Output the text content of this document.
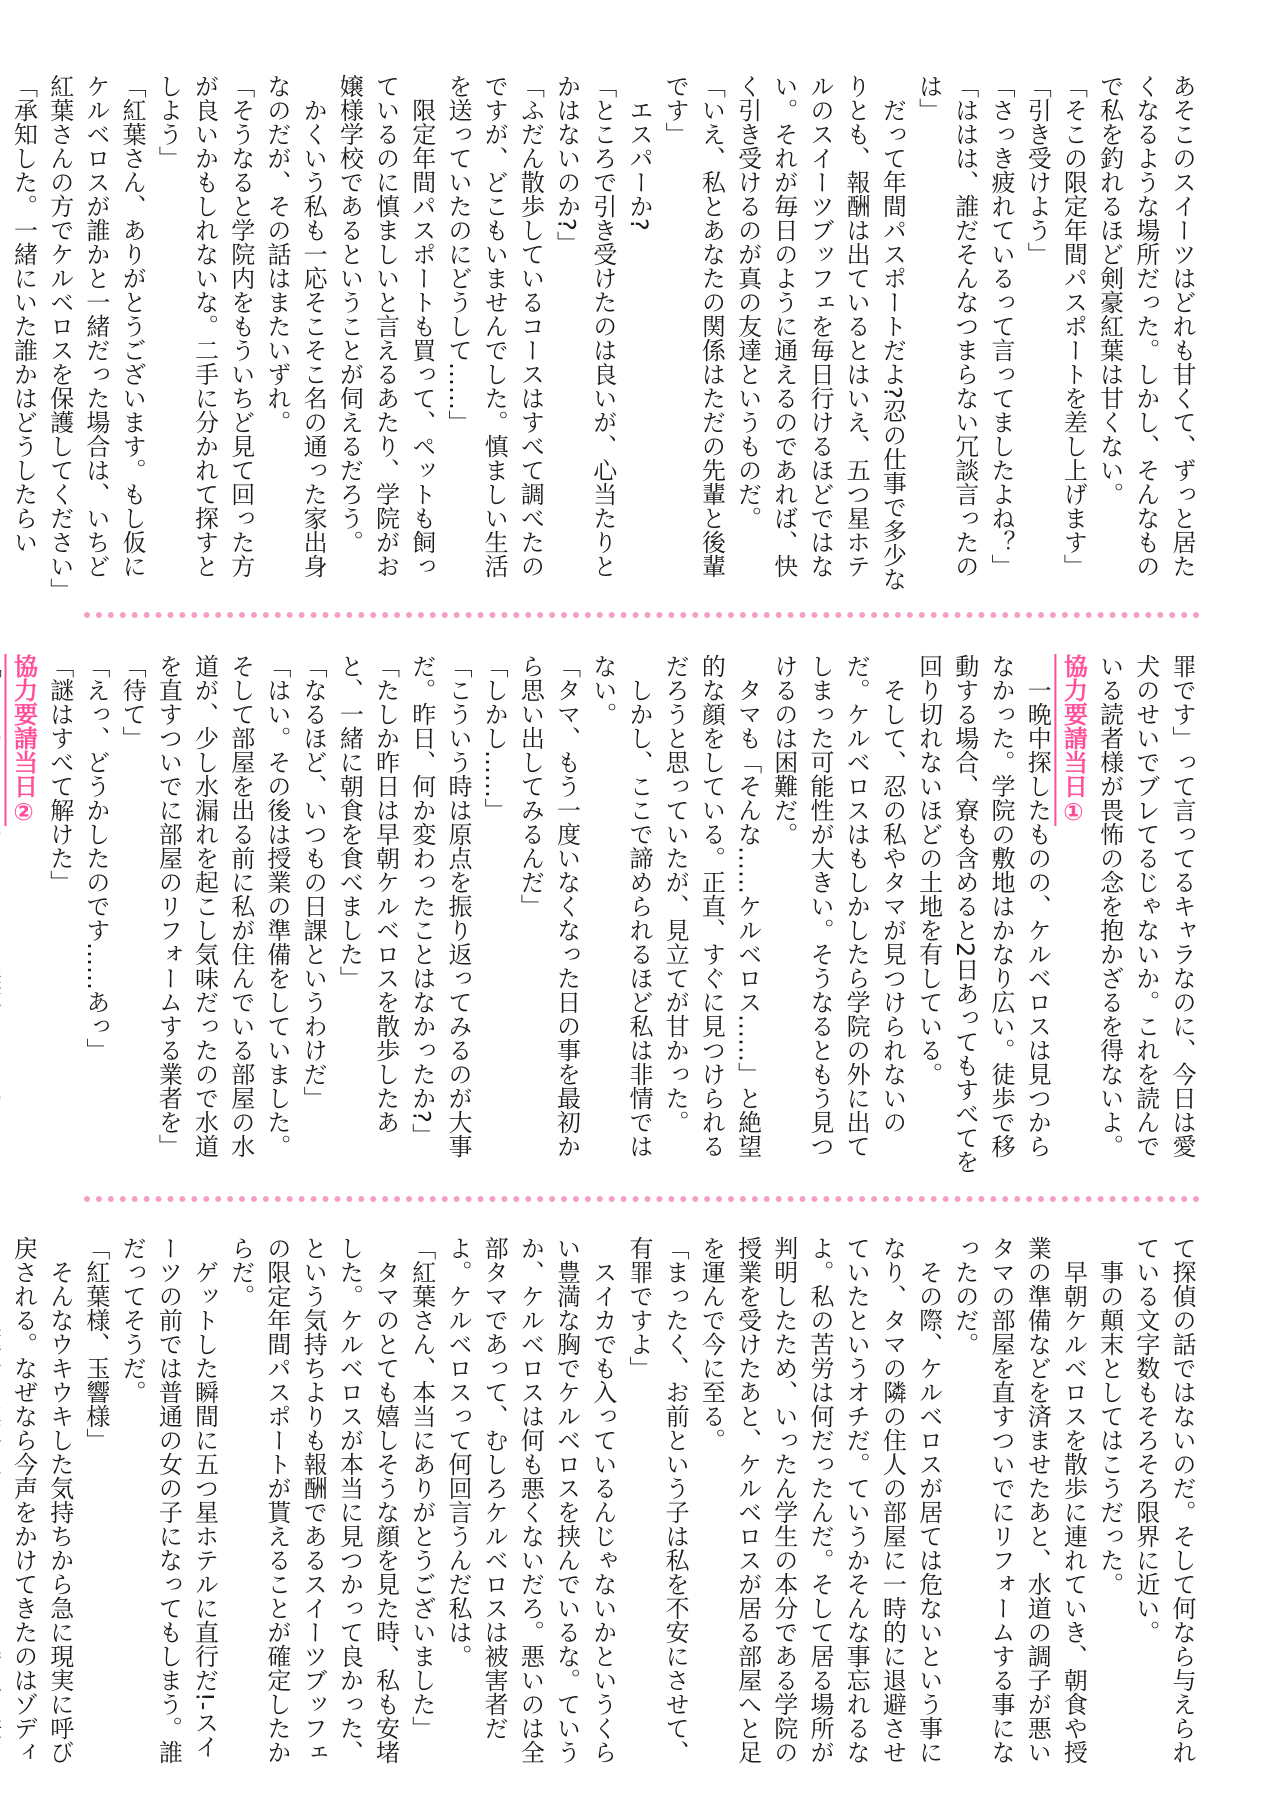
あそこのスイーツはどれも甘くて、ずっと居たくなるような場所だった。しかし、そんなもので私を釣れるほど剣豪紅葉は甘くない。

「そこの限定年間パスポートを差し上げます」

「引き受けよう」

「さっき疲れているって言ってましたよね？」

「ははは、誰だそんなつまらない冗談言ったのは」

　だって年間パスポートだよ?忍の仕事で多少なりとも、報酬は出ているとはいえ、五つ星ホテルのスイーツブッフェを毎日行けるほどではない。それが毎日のように通えるのであれば、快く引き受けるのが真の友達というものだ。

「いえ、私とあなたの関係はただの先輩と後輩です」

　エスパーか?

「ところで引き受けたのは良いが、心当たりとかはないのか?」

「ふだん散歩しているコースはすべて調べたのですが、どこもいませんでした。慎ましい生活を送っていたのにどうして……」

　限定年間パスポートも買って、ペットも飼っているのに慎ましいと言えるあたり、学院がお嬢様学校であるということが伺えるだろう。

　かくいう私も一応そこそこ名の通った家出身なのだが、その話はまたいずれ。

「そうなると学院内をもういちど見て回った方が良いかもしれないな。二手に分かれて探すとしよう」

「紅葉さん、ありがとうございます。もし仮にケルベロスが誰かと一緒だった場合は、いちど紅葉さんの方でケルベロスを保護してください」

「承知した。一緒にいた誰かはどうしたらい

罪です」って言ってるキャラなのに、今日は愛犬のせいでブレてるじゃないか。これを読んでいる読者様が畏怖の念を抱かざるを得ないよ。

協力要請当日①

　一晩中探したものの、ケルベロスは見つからなかった。学院の敷地はかなり広い。徒歩で移動する場合、寮も含めると2日あってもすべてを回り切れないほどの土地を有している。

　そして、忍の私やタマが見つけられないのだ。ケルベロスはもしかしたら学院の外に出てしまった可能性が大きい。そうなるともう見つけるのは困難だ。

　タマも「そんな……ケルベロス……」と絶望的な顔をしている。正直、すぐに見つけられるだろうと思っていたが、見立てが甘かった。

　しかし、ここで諦められるほど私は非情ではない。

「タマ、もう一度いなくなった日の事を最初から思い出してみるんだ」

「しかし……」

「こういう時は原点を振り返ってみるのが大事だ。昨日、何か変わったことはなかったか?」

「たしか昨日は早朝ケルベロスを散歩したあと、一緒に朝食を食べました」

「なるほど、いつもの日課というわけだ」

「はい。その後は授業の準備をしていました。そして部屋を出る前に私が住んでいる部屋の水道が、少し水漏れを起こし気味だったので水道を直すついでに部屋のリフォームする業者を」

「待て」

「えっ、どうかしたのです……あっ」

「謎はすべて解けた」

協力要請当日②

て探偵の話ではないのだ。そして何なら与えられている文字数もそろそろ限界に近い。

　事の顛末としてはこうだった。

　早朝ケルベロスを散歩に連れていき、朝食や授業の準備などを済ませたあと、水道の調子が悪いタマの部屋を直すついでにリフォームする事になったのだ。

　その際、ケルベロスが居ては危ないという事になり、タマの隣の住人の部屋に一時的に退避させていたというオチだ。ていうかそんな事忘れるなよ。私の苦労は何だったんだ。そして居る場所が判明したため、いったん学生の本分である学院の授業を受けたあと、ケルベロスが居る部屋へと足を運んで今に至る。

「まったく、お前という子は私を不安にさせて、有罪ですよ」

　スイカでも入っているんじゃないかというくらい豊満な胸でケルベロスを挟んでいるな。ていうか、ケルベロスは何も悪くないだろ。悪いのは全部タマであって、むしろケルベロスは被害者だよ。ケルベロスって何回言うんだ私は。

「紅葉さん、本当にありがとうございました」

　タマのとても嬉しそうな顔を見た時、私も安堵した。ケルベロスが本当に見つかって良かった、という気持ちよりも報酬であるスイーツブッフェの限定年間パスポートが貰えることが確定したからだ。

　ゲットした瞬間に五つ星ホテルに直行だ!-スイーツの前では普通の女の子になってもしまう。誰だってそうだ。

「紅葉様、玉響様」

　そんなウキウキした気持ちから急に現実に呼び戻される。なぜなら今声をかけてきたのはゾディ
